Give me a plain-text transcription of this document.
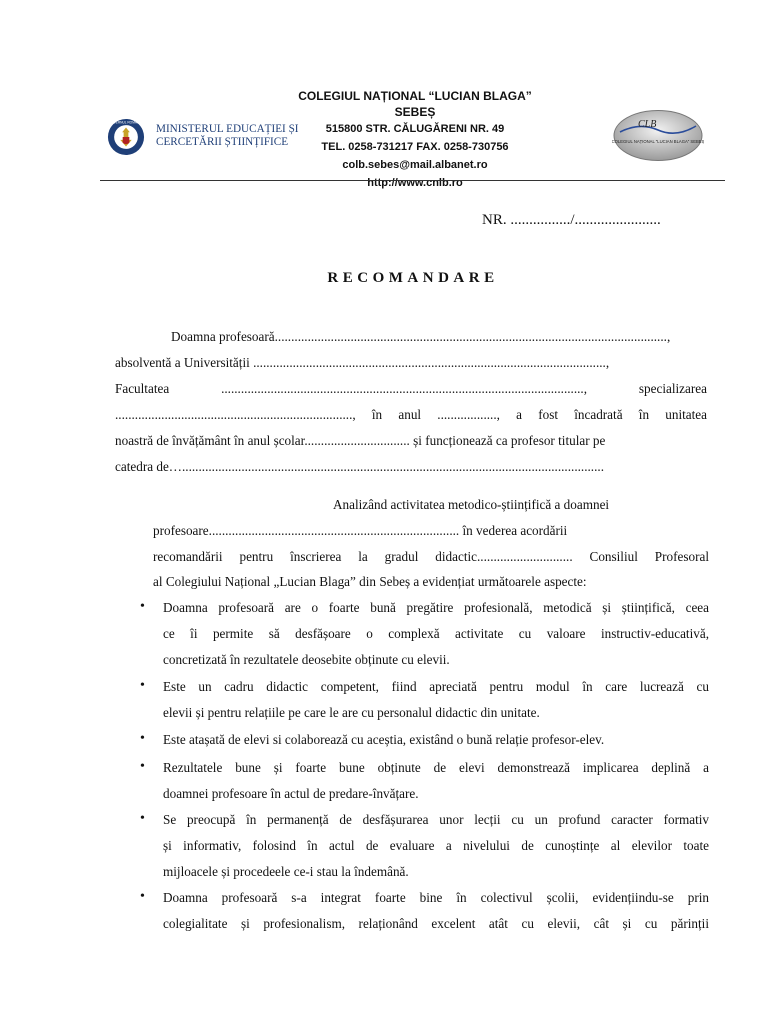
GUVERNUL ROMÂNIEI
MINISTERUL EDUCAȚIEI ȘI
CERCETĂRII ȘTIINȚIFICE
COLEGIUL NAȚIONAL “LUCIAN BLAGA” SEBEȘ
515800 STR. CĂLUGĂRENI NR. 49
TEL. 0258-731217 FAX. 0258-730756
colb.sebes@mail.albanet.ro
http://www.cnlb.ro
CLB
COLEGIUL NAȚIONAL "LUCIAN BLAGA" SEBEȘ
NR. ................/.......................
RECOMANDARE
Doamna profesoară.......................................................................................................................,
absolventă a Universității ...........................................................................................................,
Facultatea .............................................................................................................., specializarea
........................................................................, în anul .................., a fost încadrată în unitatea
noastră de învățământ în anul școlar................................ și funcționează ca profesor titular pe
catedra de…................................................................................................................................
Analizând activitatea metodico-științifică a doamnei
profesoare............................................................................ în vederea acordării
recomandării pentru înscrierea la gradul didactic............................. Consiliul Profesoral
al Colegiului Național „Lucian Blaga” din Sebeș a evidențiat următoarele aspecte:
• Doamna profesoară are o foarte bună pregătire profesională, metodică și științifică, ceea
ce îi permite să desfășoare o complexă activitate cu valoare instructiv-educativă,
concretizată în rezultatele deosebite obținute cu elevii.
• Este un cadru didactic competent, fiind apreciată pentru modul în care lucrează cu
elevii și pentru relațiile pe care le are cu personalul didactic din unitate.
• Este atașată de elevi si colaborează cu aceștia, existând o bună relație profesor-elev.
• Rezultatele bune și foarte bune obținute de elevi demonstrează implicarea deplină a
doamnei profesoare în actul de predare-învățare.
• Se preocupă în permanență de desfășurarea unor lecții cu un profund caracter formativ
și informativ, folosind în actul de evaluare a nivelului de cunoștințe al elevilor toate
mijloacele și procedeele ce-i stau la îndemână.
• Doamna profesoară s-a integrat foarte bine în colectivul școlii, evidențiindu-se prin
colegialitate și profesionalism, relaționând excelent atât cu elevii, cât și cu părinții
